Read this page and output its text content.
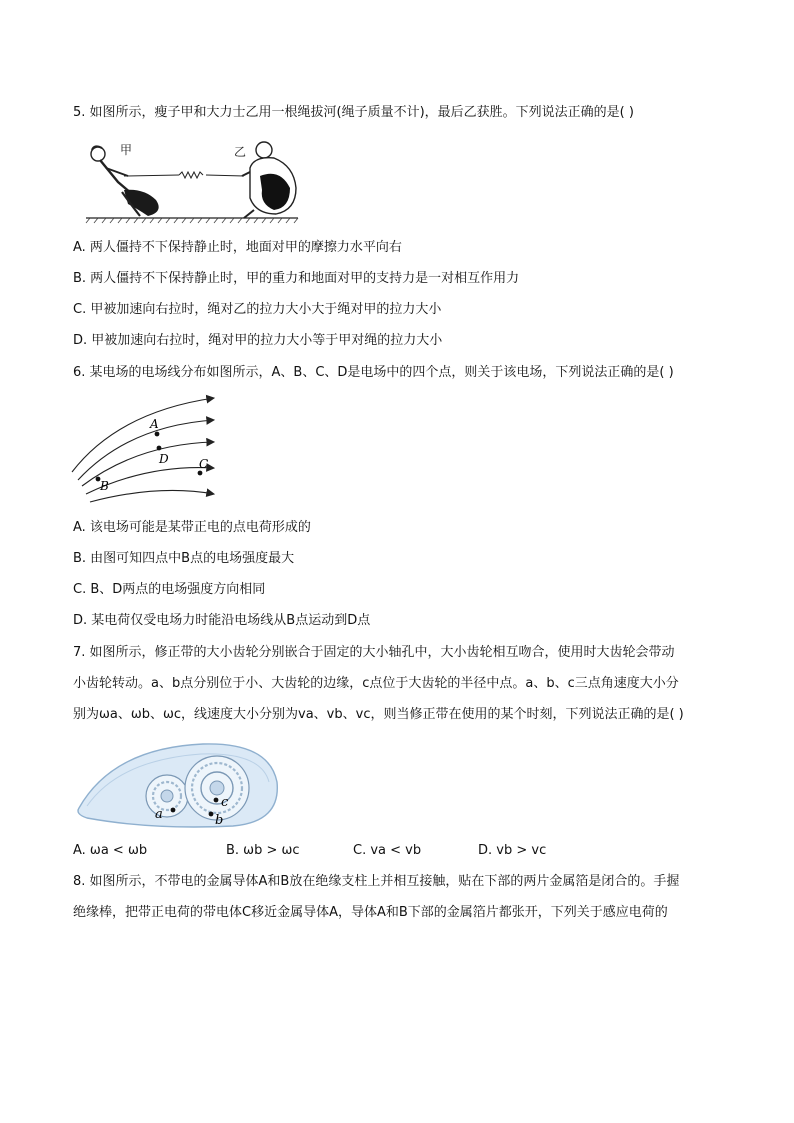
5. 如图所示，瘦子甲和大力士乙用一根绳拔河(绳子质量不计)，最后乙获胜。下列说法正确的是( )
甲	乙
A. 两人僵持不下保持静止时，地面对甲的摩擦力水平向右
B. 两人僵持不下保持静止时，甲的重力和地面对甲的支持力是一对相互作用力
C. 甲被加速向右拉时，绳对乙的拉力大小大于绳对甲的拉力大小
D. 甲被加速向右拉时，绳对甲的拉力大小等于甲对绳的拉力大小
6. 某电场的电场线分布如图所示，A、B、C、D是电场中的四个点，则关于该电场，下列说法正确的是( )
A
B
C
D
A. 该电场可能是某带正电的点电荷形成的
B. 由图可知四点中B点的电场强度最大
C. B、D两点的电场强度方向相同
D. 某电荷仅受电场力时能沿电场线从B点运动到D点
7. 如图所示，修正带的大小齿轮分别嵌合于固定的大小轴孔中，大小齿轮相互吻合，使用时大齿轮会带动
小齿轮转动。a、b点分别位于小、大齿轮的边缘，c点位于大齿轮的半径中点。a、b、c三点角速度大小分
别为ωa、ωb、ωc，线速度大小分别为va、vb、vc，则当修正带在使用的某个时刻，下列说法正确的是( )
a	b
c
A. ωa < ωb	B. ωb > ωc	C. va < vb	D. vb > vc
8. 如图所示，不带电的金属导体A和B放在绝缘支柱上并相互接触，贴在下部的两片金属箔是闭合的。手握
绝缘棒，把带正电荷的带电体C移近金属导体A，导体A和B下部的金属箔片都张开，下列关于感应电荷的
